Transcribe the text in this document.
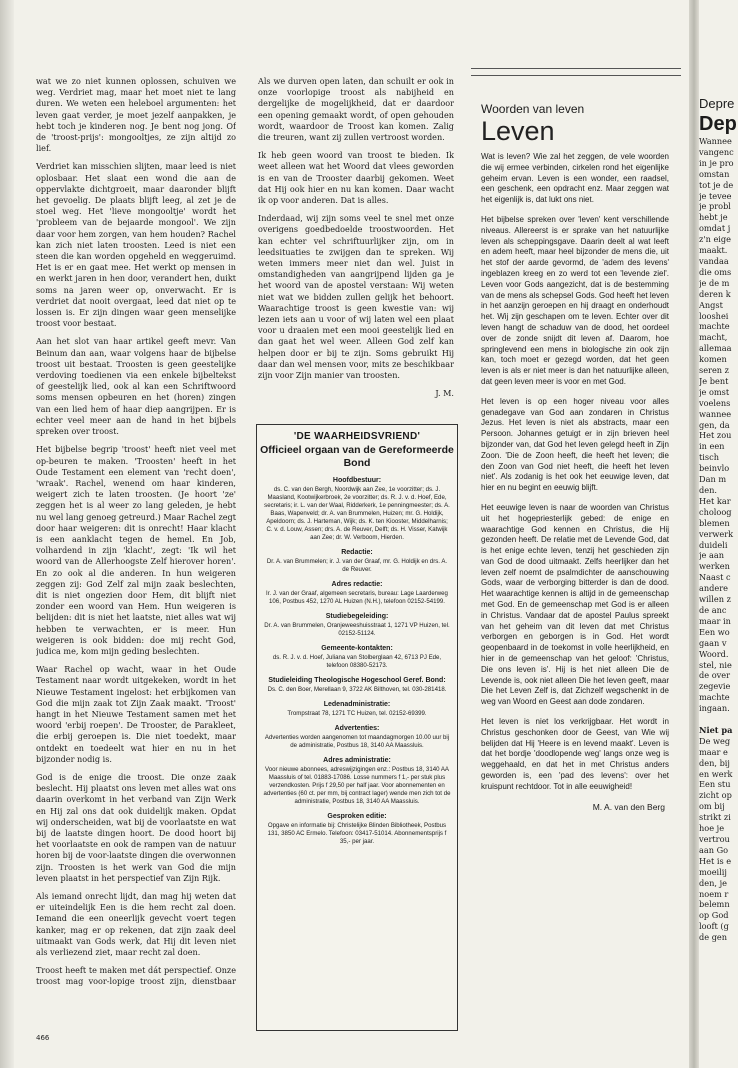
wat we zo niet kunnen oplossen, schuiven we weg. Verdriet mag, maar het moet niet te lang duren. We weten een heleboel argumenten: het leven gaat verder, je moet jezelf aanpakken, je hebt toch je kinderen nog. Je bent nog jong. Of de 'troost-prijs': mongooltjes, ze zijn altijd zo lief.

Verdriet kan misschien slijten, maar leed is niet oplosbaar. Het slaat een wond die aan de oppervlakte dichtgroeit, maar daaronder blijft het gevoelig. De plaats blijft leeg, al zet je de stoel weg. Het 'lieve mongooltje' wordt het 'probleem van de bejaarde mongool'. We zijn daar voor hem zorgen, van hem houden? Rachel kan zich niet laten troosten. Leed is niet een steen die kan worden opgeheld en weggeruimd. Het is er en gaat mee. Het werkt op mensen in en werkt jaren in hen door, verandert hen, duikt soms na jaren weer op, onverwacht. Er is verdriet dat nooit overgaat, leed dat niet op te lossen is. Er zijn dingen waar geen menselijke troost voor bestaat.

Aan het slot van haar artikel geeft mevr. Van Beinum dan aan, waar volgens haar de bijbelse troost uit bestaat. Troosten is geen geestelijke verdoving toedienen via een enkele bijbeltekst of geestelijk lied, ook al kan een Schriftwoord soms mensen opbeuren en het (horen) zingen van een lied hem of haar diep aangrijpen. Er is echter veel meer aan de hand in het bijbels spreken over troost.

Het bijbelse begrip 'troost' heeft niet veel met op-beuren te maken. 'Troosten' heeft in het Oude Testament een element van 'recht doen', 'wraak'. Rachel, wenend om haar kinderen, weigert zich te laten troosten. (Je hoort 'ze' zeggen het is al weer zo lang geleden, je hebt nu wel lang genoeg getreurd.) Maar Rachel zegt door haar weigeren: dit is onrecht! Haar klacht is een aanklacht tegen de hemel. En Job, volhardend in zijn 'klacht', zegt: 'Ik wil het woord van de Allerhoogste Zelf hierover horen'. En zo ook al die anderen. In hun weigeren zeggen zij: God Zelf zal mijn zaak beslechten, dit is niet ongezien door Hem, dit blijft niet zonder een woord van Hem. Hun weigeren is belijden: dit is niet het laatste, niet alles wat wij hebben te verwachten, er is meer. Hun weigeren is ook bidden: doe mij recht God, judica me, kom mijn geding beslechten.

Waar Rachel op wacht, waar in het Oude Testament naar wordt uitgekeken, wordt in het Nieuwe Testament ingelost: het erbijkomen van God die mijn zaak tot Zijn Zaak maakt. 'Troost' hangt in het Nieuwe Testament samen met het woord 'erbij roepen'. De Trooster, de Parakleet, die erbij geroepen is. Die niet toedekt, maar ontdekt en toedeelt wat hier en nu in het bijzonder nodig is.

God is de enige die troost. Die onze zaak beslecht. Hij plaatst ons leven met alles wat ons daarin overkomt in het verband van Zijn Werk en Hij zal ons dat ook duidelijk maken. Opdat wij onderscheiden, wat bij de voorlaatste en wat bij de laatste dingen hoort. De dood hoort bij het voorlaatste en ook de rampen van de natuur horen bij de voor-laatste dingen die overwonnen zijn. Troosten is het werk van God die mijn leven plaatst in het perspectief van Zijn Rijk.

Als iemand onrecht lijdt, dan mag hij weten dat er uiteindelijk Een is die hem recht zal doen. Iemand die een oneerlijk gevecht voert tegen kanker, mag er op rekenen, dat zijn zaak deel uitmaakt van Gods werk, dat Hij dit leven niet als verliezend ziet, maar recht zal doen.

Troost heeft te maken met dát perspectief. Onze troost mag voor-lopige troost zijn, dienstbaar

466

Als we durven open laten, dan schuilt er ook in onze voorlopige troost als nabijheid en dergelijke de mogelijkheid, dat er daardoor een opening gemaakt wordt, of open gehouden wordt, waardoor de Troost kan komen. Zalig die treuren, want zij zullen vertroost worden.

Ik heb geen woord van troost te bieden. Ik weet alleen wat het Woord dat vlees geworden is en van de Trooster daarbij gekomen. Weet dat Hij ook hier en nu kan komen. Daar wacht ik op voor anderen. Dat is alles.

Inderdaad, wij zijn soms veel te snel met onze overigens goedbedoelde troostwoorden. Het kan echter vel schriftuurlijker zijn, om in leedsituaties te zwijgen dan te spreken. Wij weten immers meer niet dan wel. Juist in omstandigheden van aangrijpend lijden ga je het woord van de apostel verstaan: Wij weten niet wat we bidden zullen gelijk het behoort. Waarachtige troost is geen kwestie van: wij lezen iets aan u voor of wij laten wel een plaat voor u draaien met een mooi geestelijk lied en dan gaat het wel weer. Alleen God zelf kan helpen door er bij te zijn. Soms gebruikt Hij daar dan wel mensen voor, mits ze beschikbaar zijn voor Zijn manier van troosten.

J. M.
'DE WAARHEIDSVRIEND'
Officieel orgaan van de Gereformeerde Bond
Hoofdbestuur:
ds. C. van den Bergh, Noordwijk aan Zee, 1e voorzitter; ds. J. Maasland, Kootwijkerbroek, 2e voorzitter; ds. R. J. v. d. Hoef, Ede, secretaris; ir. L. van der Waal, Ridderkerk, 1e penningmeester; ds. A. Baas, Wapenveld; dr. A. van Brummelen, Huizen; mr. G. Holdijk, Apeldoorn; ds. J. Harteman, Wijk; ds. K. ten Kiooster, Middelharnis; C. v. d. Louw, Assen; drs. A. de Reuver, Delft; ds. H. Visser, Katwijk aan Zee; dr. W. Verboom, Hierden.
Redactie:
Dr. A. van Brummelen; ir. J. van der Graaf, mr. G. Holdijk en drs. A. de Reuver.
Adres redactie:
Ir. J. van der Graaf, algemeen secretaris, bureau: Lage Laarderweg 106, Postbus 452, 1270 AL Huizen (N.H.), telefoon 02152-54199.
Studiebegeleiding:
Dr. A. van Brummelen, Oranjeweeshuisstraat 1, 1271 VP Huizen, tel. 02152-51124.
Gemeente-kontakten:
ds. R. J. v. d. Hoef, Juliana van Stolberglaan 42, 6713 PJ Ede, telefoon 08380-52173.
Studieleiding Theologische Hogeschool Geref. Bond:
Ds. C. den Boer, Merellaan 9, 3722 AK Bilthoven, tel. 030-281418.
Ledenadministratie:
Trompstraat 78, 1271 TC Huizen, tel. 02152-69399.
Advertenties:
Advertenties worden aangenomen tot maandagmorgen 10.00 uur bij de administratie, Postbus 18, 3140 AA Maassluis.
Adres administratie:
Voor nieuwe abonnees, adreswijzigingen enz.: Postbus 18, 3140 AA Maassluis of tel. 01883-17086. Losse nummers f 1,- per stuk plus verzendkosten. Prijs f 29,50 per half jaar. Voor abonnementen en advertenties (60 ct. per mm, bij contract lager) wende men zich tot de administratie, Postbus 18, 3140 AA Maassluis.
Gesproken editie:
Opgave en informatie bij: Christelijke Blinden Bibliotheek, Postbus 131, 3850 AC Ermelo. Telefoon: 03417-51014. Abonnementsprijs f 35,- per jaar.
Woorden van leven
Leven

Wat is leven? Wie zal het zeggen, de vele woorden die wij ermee verbinden, cirkelen rond het eigenlijke geheim ervan. Leven is een wonder, een raadsel, een geschenk, een opdracht enz. Maar zeggen wat het eigenlijk is, dat lukt ons niet.

Het bijbelse spreken over 'leven' kent verschillende niveaus. Allereerst is er sprake van het natuurlijke leven als scheppingsgave. Daarin deelt al wat leeft en adem heeft, maar heel bijzonder de mens die, uit het stof der aarde gevormd, de 'adem des levens' ingeblazen kreeg en zo werd tot een 'levende ziel'. Leven voor Gods aangezicht, dat is de bestemming van de mens als schepsel Gods. God heeft het leven in het aanzijn geroepen en hij draagt en onderhoudt het. Wij zijn geschapen om te leven. Echter over dit leven hangt de schaduw van de dood, het oordeel over de zonde snijdt dit leven af. Daarom, hoe springlevend een mens in biologische zin ook zijn kan, toch moet er gezegd worden, dat het geen leven is als er niet meer is dan het natuurlijke alleen, dat geen leven meer is voor en met God.

Het leven is op een hoger niveau voor alles genadegave van God aan zondaren in Christus Jezus. Het leven is niet als abstracts, maar een Persoon. Johannes getuigt er in zijn brieven heel bijzonder van, dat God het leven gelegd heeft in Zijn Zoon. 'Die de Zoon heeft, die heeft het leven; die den Zoon van God niet heeft, die heeft het leven niet'. Als zodanig is het ook het eeuwige leven, dat hier en nu begint en eeuwig blijft.

Het eeuwige leven is naar de woorden van Christus uit het hogepriesterlijk gebed: de enige en waarachtige God kennen en Christus, die Hij gezonden heeft. De relatie met de Levende God, dat is het enige echte leven, tenzij het geschieden zijn van God de dood uitmaakt. Zelfs heerlijker dan het leven zelf noemt de psalmdichter de aanschouwing Gods, waar de verborging bitterder is dan de dood. Het waarachtige kennen is altijd in de gemeenschap met God. En de gemeenschap met God is er alleen in Christus. Vandaar dat de apostel Paulus spreekt van het geheim van dit leven dat met Christus verborgen en geborgen is in God. Het wordt geopenbaard in de toekomst in volle heerlijkheid, en hier in de gemeenschap van het geloof: 'Christus, Die ons leven is'. Hij is het niet alleen Die de Levende is, ook niet alleen Die het leven geeft, maar Die het Leven Zelf is, dat Zichzelf wegschenkt in de weg van Woord en Geest aan dode zondaren.

Het leven is niet los verkrijgbaar. Het wordt in Christus geschonken door de Geest, van Wie wij belijden dat Hij 'Heere is en levend maakt'. Leven is dat het bordje 'doodlopende weg' langs onze weg is weggehaald, en dat het in met Christus anders geworden is, een 'pad des levens': over het kruispunt rechtdoor. Tot in alle eeuwigheid!

M. A. van den Berg
Depre
Dep
Wannee
vangenc
in je pro
omstan
tot je de
je tevee
je probl
hebt je
omdat j
z'n eige
maakt.
vandaa
die oms
je de m
deren k
Angst
looshei
machte
macht,
allemaa
komen
seren z
Je bent
je omst
voelens
wannee
gen, da
Het zou
in een
tisch
beinvlo
Dan m
den.
Het kar
choloog
blemen
verwerk
duideli
je aan
werken
Naast c
andere
willen z
de anc
maar in
Een wo
gaan v
Woord.
stel, nie
de over
zegevie
machte
ingaan.

Niet pa
De weg
maar e
den, bij
en werk
Een stu
zicht op
om bij
strikt zi
hoe je
vertrou
aan Go
Het is e
moeilij
den, je
noem r
belemn
op God
looft (g
de gen
